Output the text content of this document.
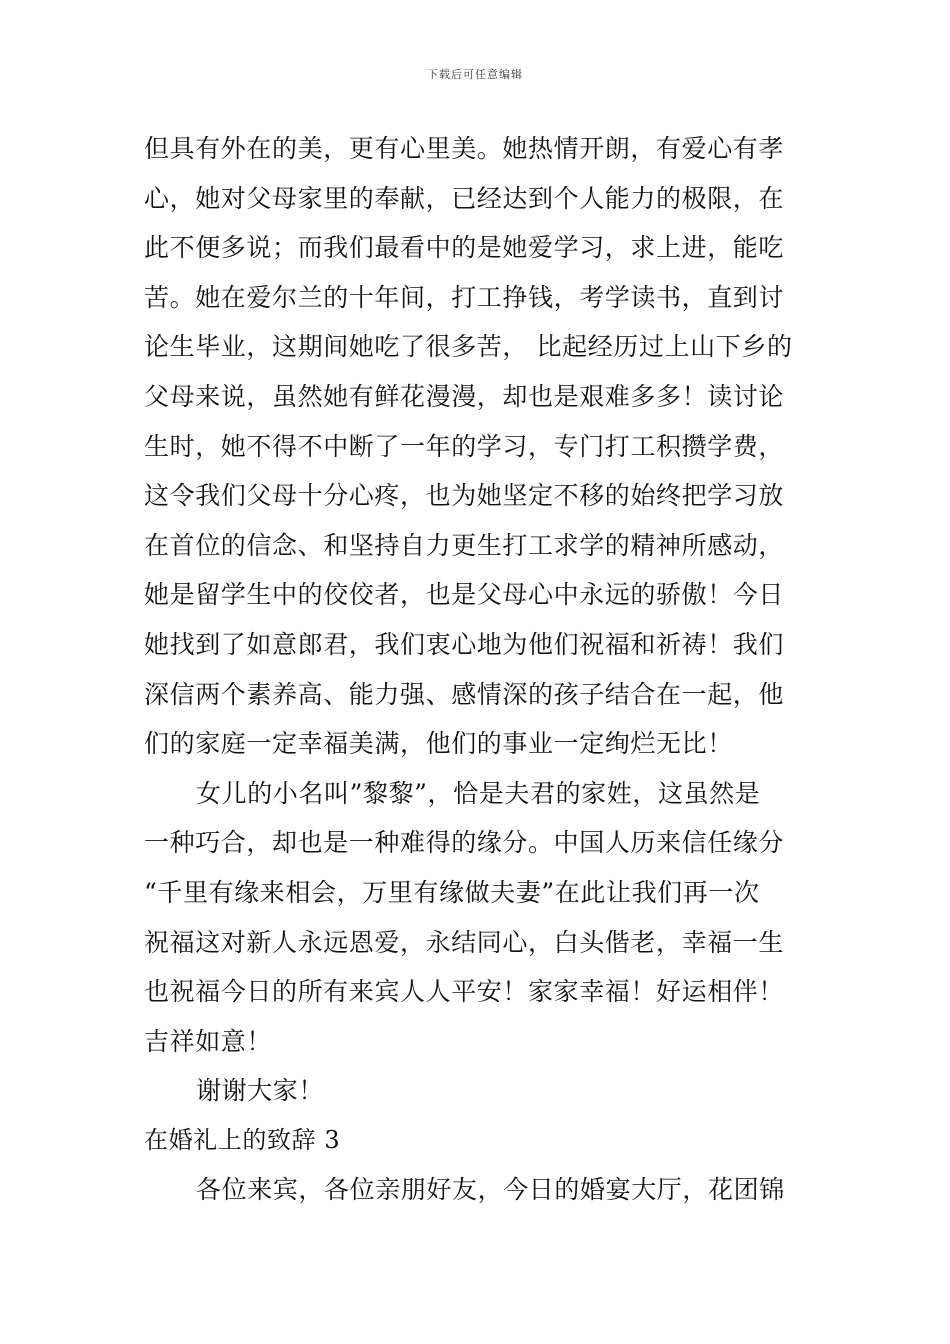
下载后可任意编辑
但具有外在的美，更有心里美。她热情开朗，有爱心有孝
心，她对父母家里的奉献，已经达到个人能力的极限，在
此不便多说；而我们最看中的是她爱学习，求上进，能吃
苦。她在爱尔兰的十年间，打工挣钱，考学读书，直到讨
论生毕业，这期间她吃了很多苦， 比起经历过上山下乡的
父母来说，虽然她有鲜花漫漫，却也是艰难多多！读讨论
生时，她不得不中断了一年的学习，专门打工积攒学费，
这令我们父母十分心疼，也为她坚定不移的始终把学习放
在首位的信念、和坚持自力更生打工求学的精神所感动，
她是留学生中的佼佼者，也是父母心中永远的骄傲！今日
她找到了如意郎君，我们衷心地为他们祝福和祈祷！我们
深信两个素养高、能力强、感情深的孩子结合在一起，他
们的家庭一定幸福美满，他们的事业一定绚烂无比！
女儿的小名叫”黎黎”，恰是夫君的家姓，这虽然是
一种巧合，却也是一种难得的缘分。中国人历来信任缘分
“千里有缘来相会，万里有缘做夫妻”在此让我们再一次
祝福这对新人永远恩爱，永结同心，白头偕老，幸福一生
也祝福今日的所有来宾人人平安！家家幸福！好运相伴！
吉祥如意！
谢谢大家！
在婚礼上的致辞 3
各位来宾，各位亲朋好友，今日的婚宴大厅，花团锦
